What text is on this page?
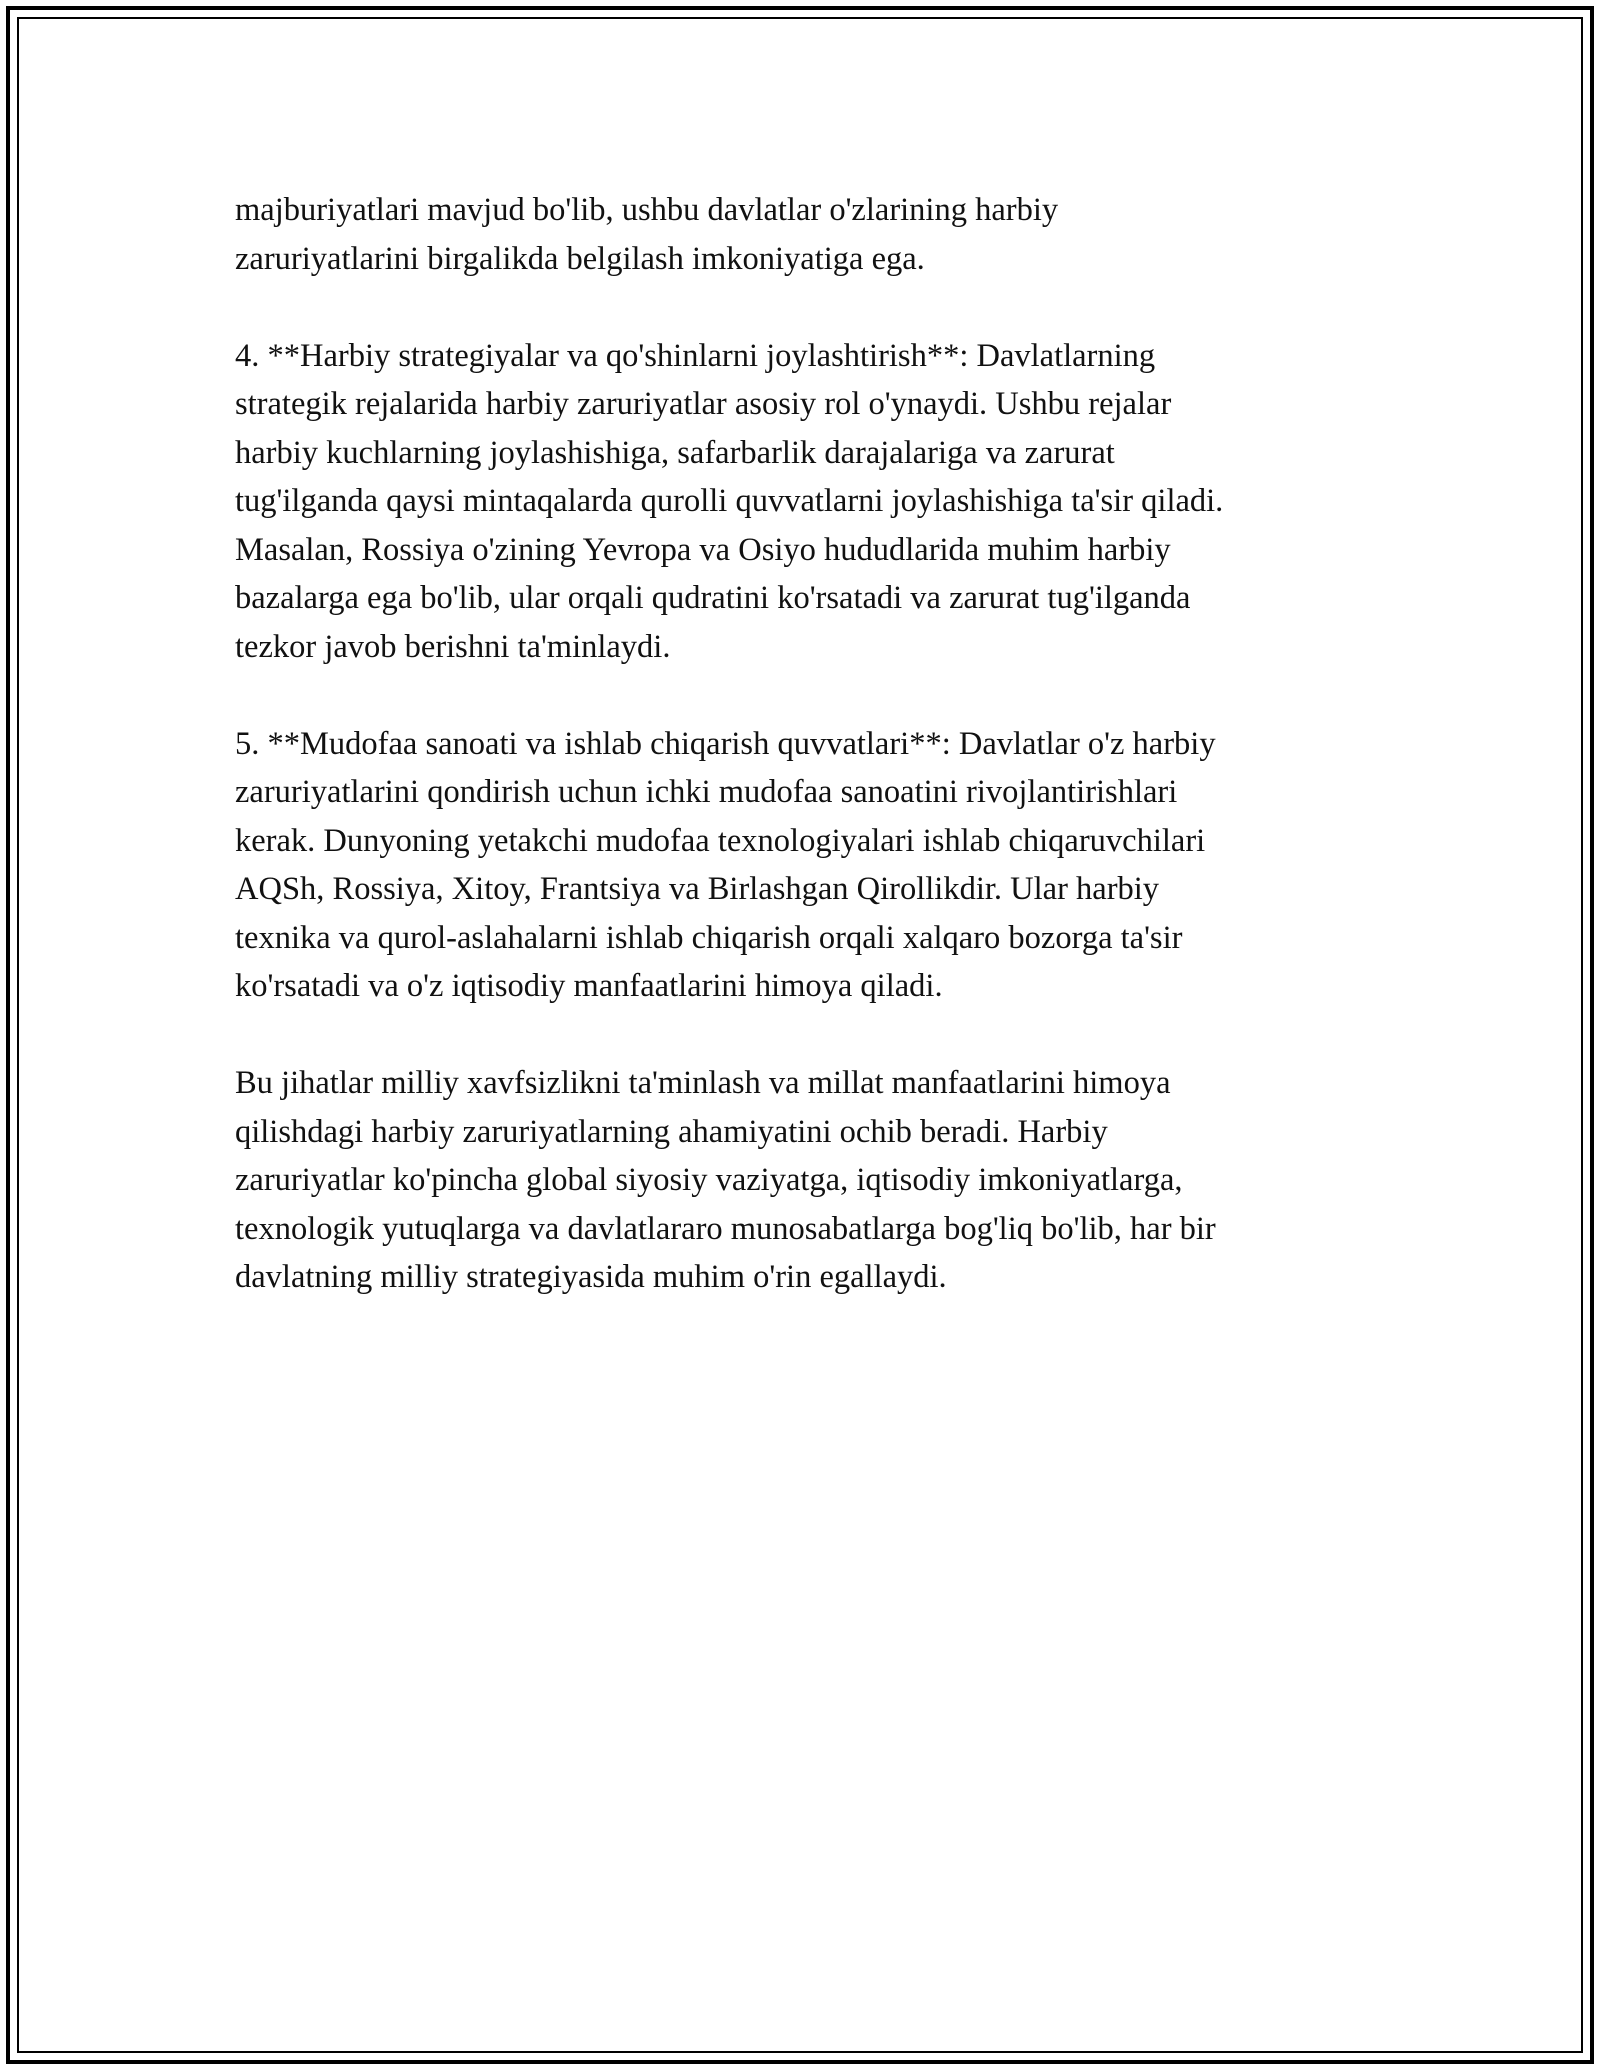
majburiyatlari mavjud bo'lib, ushbu davlatlar o'zlarining harbiy
zaruriyatlarini birgalikda belgilash imkoniyatiga ega.

4. **Harbiy strategiyalar va qo'shinlarni joylashtirish**: Davlatlarning
strategik rejalarida harbiy zaruriyatlar asosiy rol o'ynaydi. Ushbu rejalar
harbiy kuchlarning joylashishiga, safarbarlik darajalariga va zarurat
tug'ilganda qaysi mintaqalarda qurolli quvvatlarni joylashishiga ta'sir qiladi.
Masalan, Rossiya o'zining Yevropa va Osiyo hududlarida muhim harbiy
bazalarga ega bo'lib, ular orqali qudratini ko'rsatadi va zarurat tug'ilganda
tezkor javob berishni ta'minlaydi.

5. **Mudofaa sanoati va ishlab chiqarish quvvatlari**: Davlatlar o'z harbiy
zaruriyatlarini qondirish uchun ichki mudofaa sanoatini rivojlantirishlari
kerak. Dunyoning yetakchi mudofaa texnologiyalari ishlab chiqaruvchilari
AQSh, Rossiya, Xitoy, Frantsiya va Birlashgan Qirollikdir. Ular harbiy
texnika va qurol-aslahalarni ishlab chiqarish orqali xalqaro bozorga ta'sir
ko'rsatadi va o'z iqtisodiy manfaatlarini himoya qiladi.

Bu jihatlar milliy xavfsizlikni ta'minlash va millat manfaatlarini himoya
qilishdagi harbiy zaruriyatlarning ahamiyatini ochib beradi. Harbiy
zaruriyatlar ko'pincha global siyosiy vaziyatga, iqtisodiy imkoniyatlarga,
texnologik yutuqlarga va davlatlararo munosabatlarga bog'liq bo'lib, har bir
davlatning milliy strategiyasida muhim o'rin egallaydi.
